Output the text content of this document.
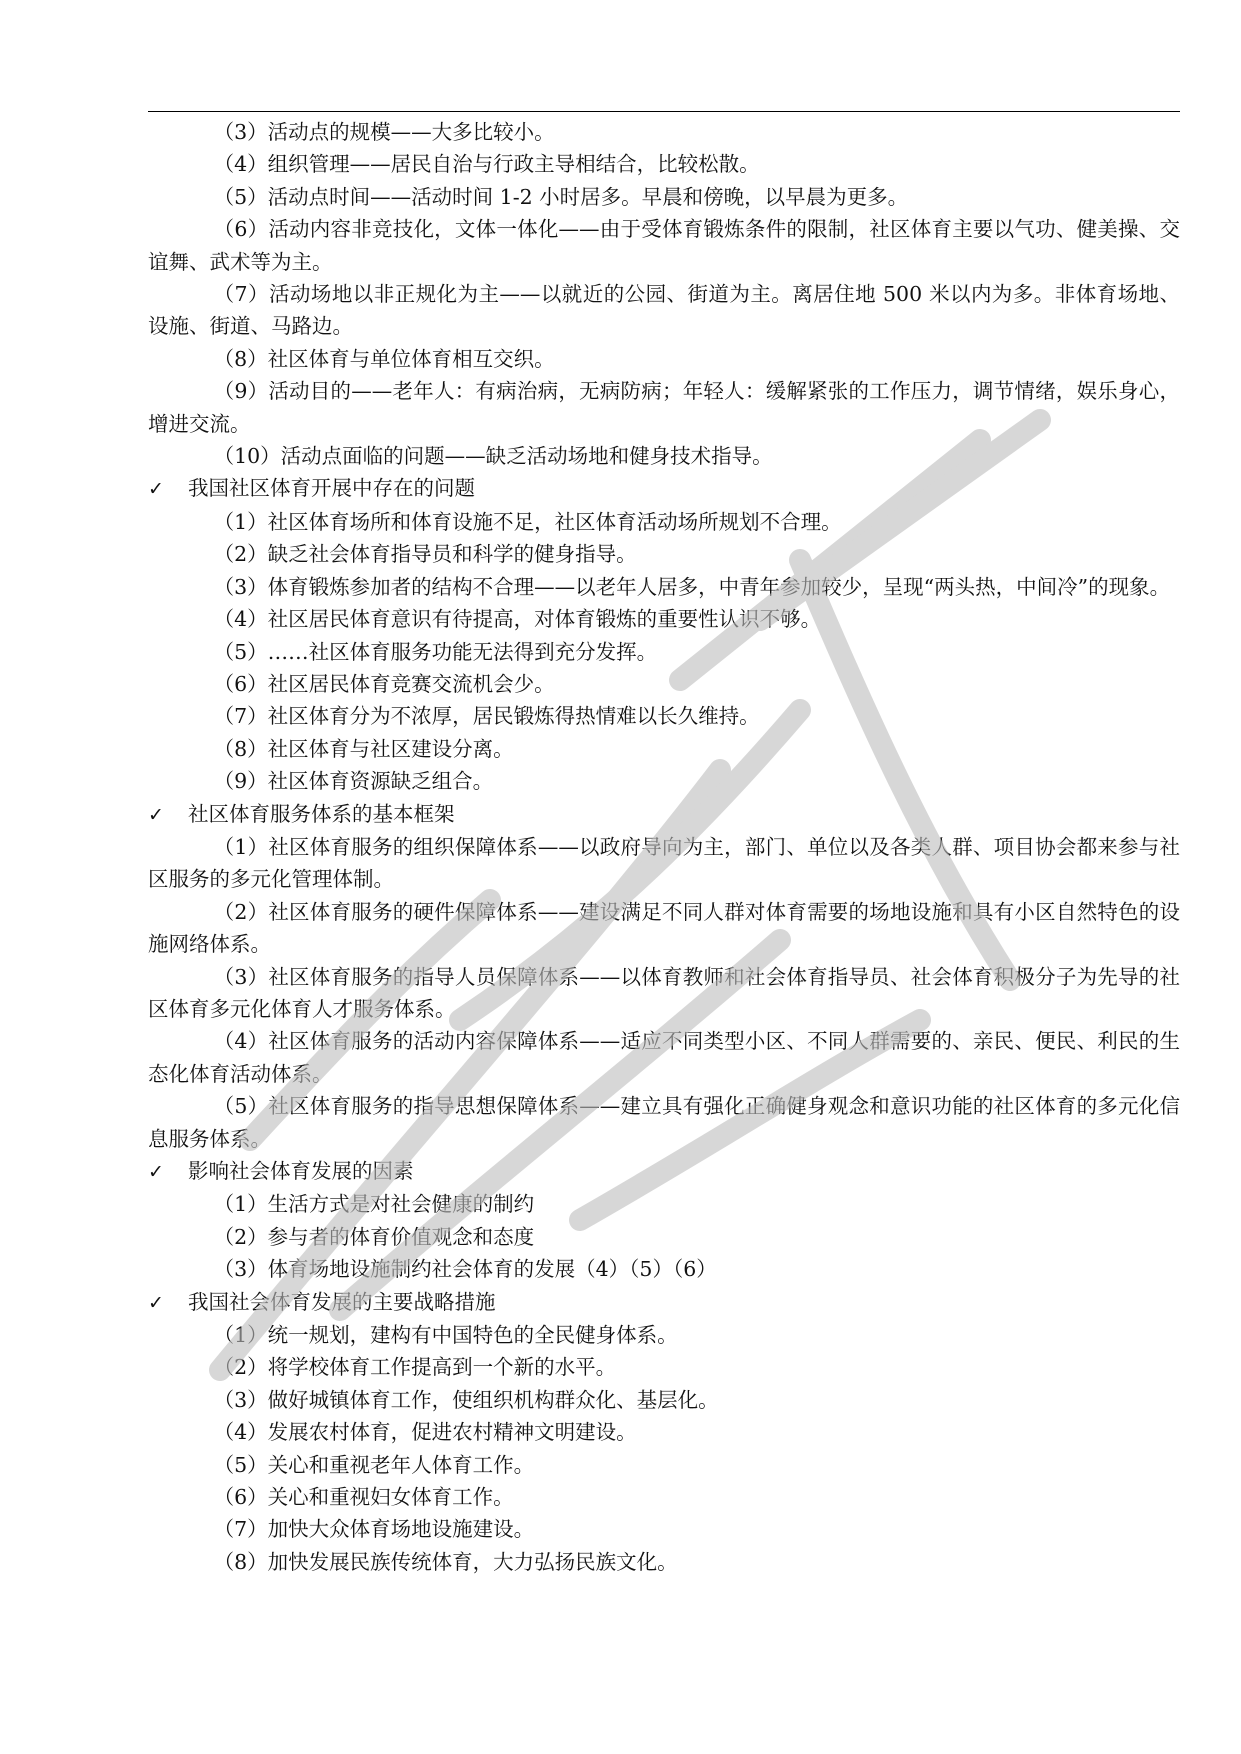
（3）活动点的规模——大多比较小。

（4）组织管理——居民自治与行政主导相结合，比较松散。

（5）活动点时间——活动时间 1-2 小时居多。早晨和傍晚，以早晨为更多。

（6）活动内容非竞技化，文体一体化——由于受体育锻炼条件的限制，社区体育主要以气功、健美操、交谊舞、武术等为主。

（7）活动场地以非正规化为主——以就近的公园、街道为主。离居住地 500 米以内为多。非体育场地、设施、街道、马路边。

（8）社区体育与单位体育相互交织。

（9）活动目的——老年人：有病治病，无病防病；年轻人：缓解紧张的工作压力，调节情绪，娱乐身心，增进交流。

（10）活动点面临的问题——缺乏活动场地和健身技术指导。

✓	我国社区体育开展中存在的问题

（1）社区体育场所和体育设施不足，社区体育活动场所规划不合理。

（2）缺乏社会体育指导员和科学的健身指导。

（3）体育锻炼参加者的结构不合理——以老年人居多，中青年参加较少，呈现“两头热，中间冷”的现象。

（4）社区居民体育意识有待提高，对体育锻炼的重要性认识不够。

（5）……社区体育服务功能无法得到充分发挥。

（6）社区居民体育竞赛交流机会少。

（7）社区体育分为不浓厚，居民锻炼得热情难以长久维持。

（8）社区体育与社区建设分离。

（9）社区体育资源缺乏组合。

✓	社区体育服务体系的基本框架

（1）社区体育服务的组织保障体系——以政府导向为主，部门、单位以及各类人群、项目协会都来参与社区服务的多元化管理体制。

（2）社区体育服务的硬件保障体系——建设满足不同人群对体育需要的场地设施和具有小区自然特色的设施网络体系。

（3）社区体育服务的指导人员保障体系——以体育教师和社会体育指导员、社会体育积极分子为先导的社区体育多元化体育人才服务体系。

（4）社区体育服务的活动内容保障体系——适应不同类型小区、不同人群需要的、亲民、便民、利民的生态化体育活动体系。

（5）社区体育服务的指导思想保障体系——建立具有强化正确健身观念和意识功能的社区体育的多元化信息服务体系。

✓	影响社会体育发展的因素

（1）生活方式是对社会健康的制约

（2）参与者的体育价值观念和态度

（3）体育场地设施制约社会体育的发展（4）（5）（6）

✓	我国社会体育发展的主要战略措施

（1）统一规划，建构有中国特色的全民健身体系。

（2）将学校体育工作提高到一个新的水平。

（3）做好城镇体育工作，使组织机构群众化、基层化。

（4）发展农村体育，促进农村精神文明建设。

（5）关心和重视老年人体育工作。

（6）关心和重视妇女体育工作。

（7）加快大众体育场地设施建设。

（8）加快发展民族传统体育，大力弘扬民族文化。
